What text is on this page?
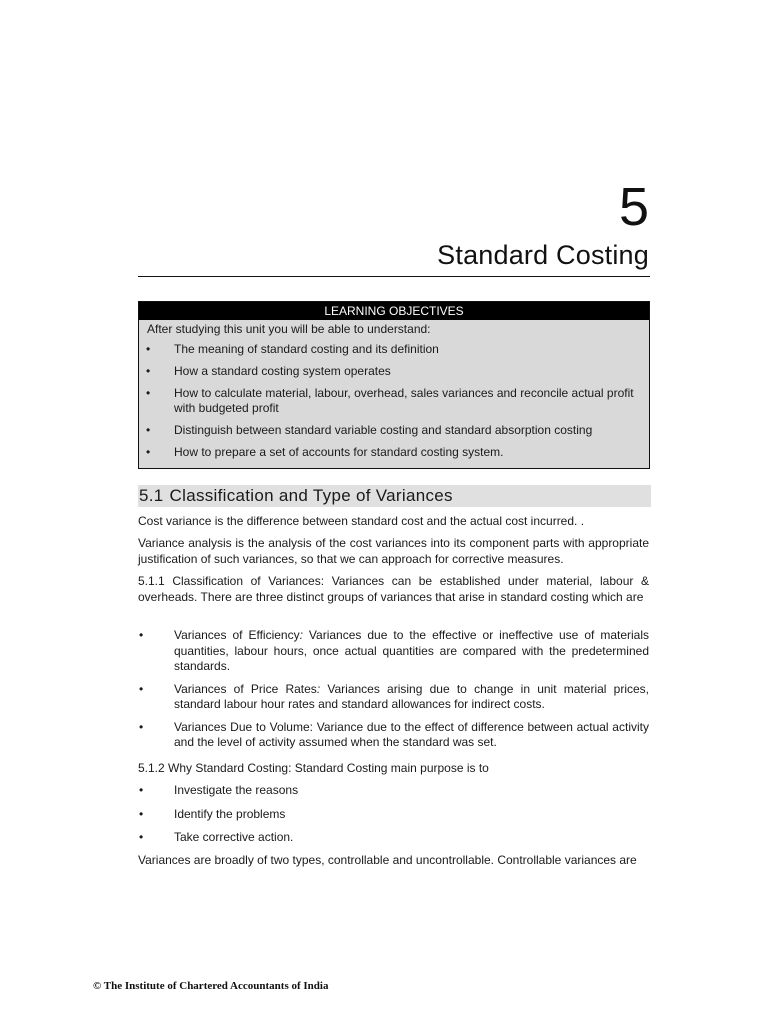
5
Standard Costing
LEARNING OBJECTIVES
After studying this unit you will be able to understand:
• The meaning of standard costing and its definition
• How a standard costing system operates
• How to calculate material, labour, overhead, sales variances and reconcile actual profit with budgeted profit
• Distinguish between standard variable costing and standard absorption costing
• How to prepare a set of accounts for standard costing system.
5.1 Classification and Type of Variances
Cost variance is the difference between standard cost and the actual cost incurred. .
Variance analysis is the analysis of the cost variances into its component parts with appropriate justification of such variances, so that we can approach for corrective measures.
5.1.1 Classification of Variances: Variances can be established under material, labour & overheads. There are three distinct groups of variances that arise in standard costing which are
•	Variances of Efficiency: Variances due to the effective or ineffective use of materials quantities, labour hours, once actual quantities are compared with the predetermined standards.
•	Variances of Price Rates: Variances arising due to change in unit material prices, standard labour hour rates and standard allowances for indirect costs.
•	Variances Due to Volume: Variance due to the effect of difference between actual activity and the level of activity assumed when the standard was set.
5.1.2 Why Standard Costing: Standard Costing main purpose is to
•	Investigate the reasons
•	Identify the problems
•	Take corrective action.
Variances are broadly of two types, controllable and uncontrollable. Controllable variances are
© The Institute of Chartered Accountants of India
